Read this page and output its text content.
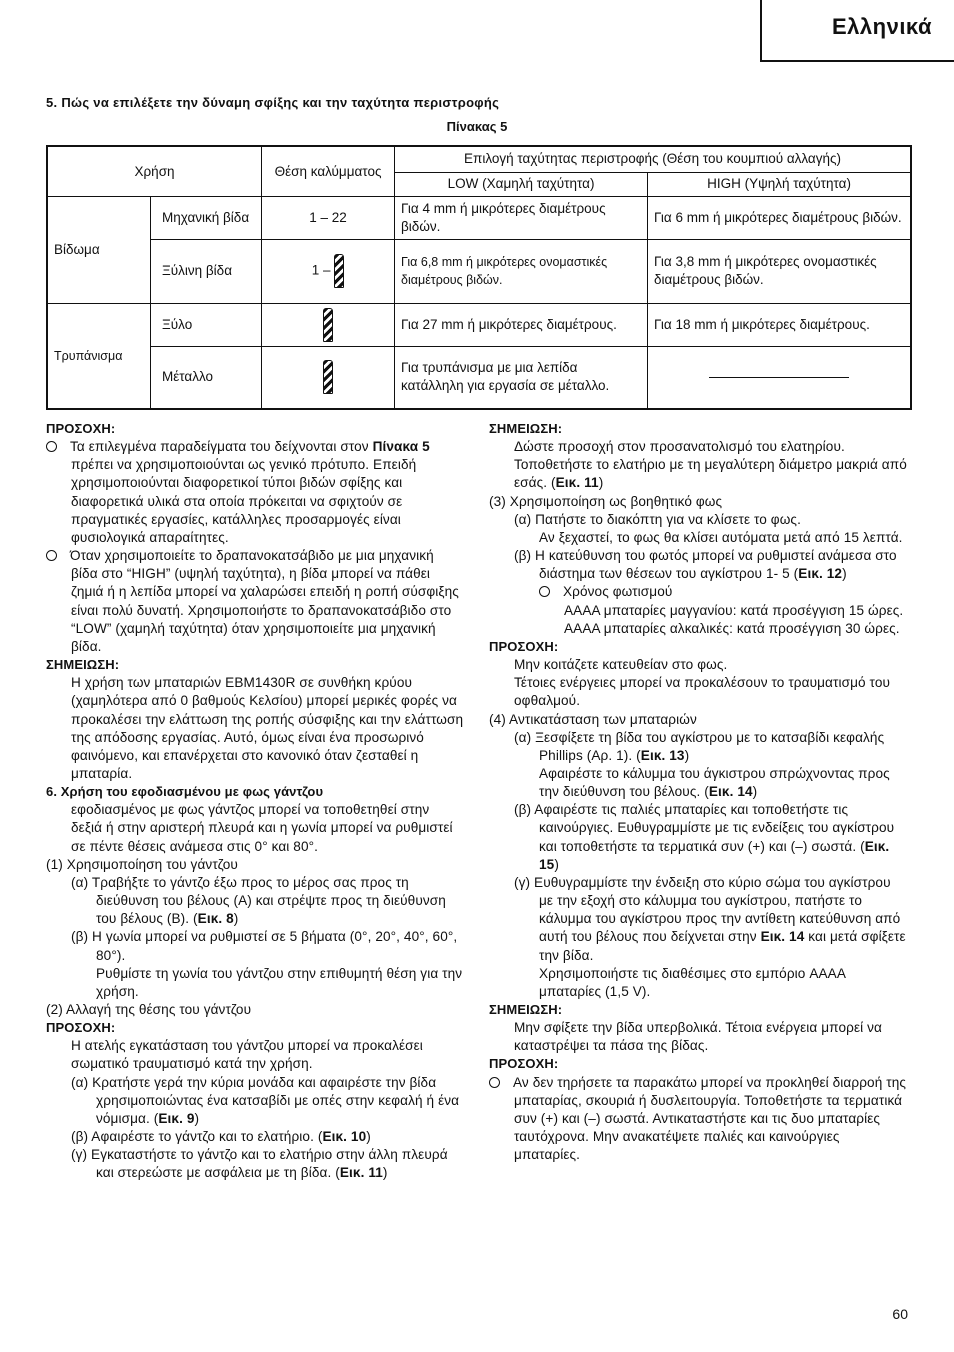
Ελληνικά
5. Πώς να επιλέξετε την δύναμη σφίξης και την ταχύτητα περιστροφής
Πίνακας 5
Χρήση		Θέση καλύμματος	Επιλογή ταχύτητας περιστροφής (Θέση του κουμπιού αλλαγής)	
			LOW (Χαμηλή ταχύτητα)	HIGH (Υψηλή ταχύτητα)
Βίδωμα	Μηχανική βίδα	1 – 22	Για 4 mm ή μικρότερες διαμέτρους βιδών.	Για 6 mm ή μικρότερες διαμέτρους βιδών.
	Ξύλινη βίδα	1 –	Για 6,8 mm ή μικρότερες ονομαστικές διαμέτρους βιδών.	Για 3,8 mm ή μικρότερες ονομαστικές διαμέτρους βιδών.
Τρυπάνισμα	Ξύλο		Για 27 mm ή μικρότερες διαμέτρους.	Για 18 mm ή μικρότερες διαμέτρους.
	Μέταλλο		Για τρυπάνισμα με μια λεπίδα κατάλληλη για εργασία σε μέταλλο.	

ΠΡΟΣΟΧΗ:

Τα επιλεγμένα παραδείγματα του δείχνονται στον Πίνακα 5 πρέπει να χρησιμοποιούνται ως γενικό πρότυπο. Επειδή χρησιμοποιούνται διαφορετικοί τύποι βιδών σφίξης και διαφορετικά υλικά στα οποία πρόκειται να σφιχτούν σε πραγματικές εργασίες, κατάλληλες προσαρμογές είναι φυσιολογικά απαραίτητες.

Όταν χρησιμοποιείτε το δραπανοκατσάβιδο με μια μηχανική βίδα στο “HIGH” (υψηλή ταχύτητα), η βίδα μπορεί να πάθει ζημιά ή η λεπίδα μπορεί να χαλαρώσει επειδή η ροπή σύσφιξης είναι πολύ δυνατή. Χρησιμοποιήστε το δραπανοκατσάβιδο στο “LOW” (χαμηλή ταχύτητα) όταν χρησιμοποιείτε μια μηχανική βίδα.

ΣΗΜΕΙΩΣΗ:

Η χρήση των μπαταριών EBM1430R σε συνθήκη κρύου (χαμηλότερα από 0 βαθμούς Κελσίου) μπορεί μερικές φορές να προκαλέσει την ελάττωση της ροπής σύσφιξης και την ελάττωση της απόδοσης εργασίας. Αυτό, όμως είναι ένα προσωρινό φαινόμενο, και επανέρχεται στο κανονικό όταν ζεσταθεί η μπαταρία.

6. Χρήση του εφοδιασμένου με φως γάντζου

εφοδιασμένος με φως γάντζος μπορεί να τοποθετηθεί στην δεξιά ή στην αριστερή πλευρά και η γωνία μπορεί να ρυθμιστεί σε πέντε θέσεις ανάμεσα στις 0° και 80°.

(1) Χρησιμοποίηση του γάντζου

(α) Τραβήξτε το γάντζο έξω προς το μέρος σας προς τη διεύθυνση του βέλους (A) και στρέψτε προς τη διεύθυνση του βέλους (B). (Εικ. 8)

(β) Η γωνία μπορεί να ρυθμιστεί σε 5 βήματα (0°, 20°, 40°, 60°, 80°).

Ρυθμίστε τη γωνία του γάντζου στην επιθυμητή θέση για την χρήση.

(2) Αλλαγή της θέσης του γάντζου

ΠΡΟΣΟΧΗ:

Η ατελής εγκατάσταση του γάντζου μπορεί να προκαλέσει σωματικό τραυματισμό κατά την χρήση.

(α) Κρατήστε γερά την κύρια μονάδα και αφαιρέστε την βίδα χρησιμοποιώντας ένα κατσαβίδι με οπές στην κεφαλή ή ένα νόμισμα. (Εικ. 9)

(β) Αφαιρέστε το γάντζο και το ελατήριο. (Εικ. 10)

(γ) Εγκαταστήστε το γάντζο και το ελατήριο στην άλλη πλευρά και στερεώστε με ασφάλεια με τη βίδα. (Εικ. 11)

ΣΗΜΕΙΩΣΗ:

Δώστε προσοχή στον προσανατολισμό του ελατηρίου. Τοποθετήστε το ελατήριο με τη μεγαλύτερη διάμετρο μακριά από εσάς. (Εικ. 11)

(3) Χρησιμοποίηση ως βοηθητικό φως

(α) Πατήστε το διακόπτη για να κλίσετε το φως.

Αν ξεχαστεί, το φως θα κλίσει αυτόματα μετά από 15 λεπτά.

(β) Η κατεύθυνση του φωτός μπορεί να ρυθμιστεί ανάμεσα στο διάστημα των θέσεων του αγκίστρου 1- 5 (Εικ. 12)

Χρόνος φωτισμού

AAAA μπαταρίες μαγγανίου: κατά προσέγγιση 15 ώρες.

AAAA μπαταρίες αλκαλικές: κατά προσέγγιση 30 ώρες.

ΠΡΟΣΟΧΗ:

Μην κοιτάζετε κατευθείαν στο φως.

Τέτοιες ενέργειες μπορεί να προκαλέσουν το τραυματισμό του οφθαλμού.

(4) Αντικατάσταση των μπαταριών

(α) Ξεσφίξετε τη βίδα του αγκίστρου με το κατσαβίδι κεφαλής Phillips (Αρ. 1). (Εικ. 13)

Αφαιρέστε το κάλυμμα του άγκιστρου σπρώχνοντας προς την διεύθυνση του βέλους. (Εικ. 14)

(β) Αφαιρέστε τις παλιές μπαταρίες και τοποθετήστε τις καινούργιες. Ευθυγραμμίστε με τις ενδείξεις του αγκίστρου και τοποθετήστε τα τερματικά συν (+) και (–) σωστά. (Εικ. 15)

(γ) Ευθυγραμμίστε την ένδειξη στο κύριο σώμα του αγκίστρου με την εξοχή στο κάλυμμα του αγκίστρου, πατήστε το κάλυμμα του αγκίστρου προς την αντίθετη κατεύθυνση από αυτή του βέλους που δείχνεται στην Εικ. 14 και μετά σφίξετε την βίδα.

Χρησιμοποιήστε τις διαθέσιμες στο εμπόριο AAAA μπαταρίες (1,5 V).

ΣΗΜΕΙΩΣΗ:

Μην σφίξετε την βίδα υπερβολικά. Τέτοια ενέργεια μπορεί να καταστρέψει τα πάσα της βίδας.

ΠΡΟΣΟΧΗ:

Αν δεν τηρήσετε τα παρακάτω μπορεί να προκληθεί διαρροή της μπαταρίας, σκουριά ή δυσλειτουργία. Τοποθετήστε τα τερματικά συν (+) και (–) σωστά. Αντικαταστήστε και τις δυο μπαταρίες ταυτόχρονα. Μην ανακατέψετε παλιές και καινούργιες μπαταρίες.

60
